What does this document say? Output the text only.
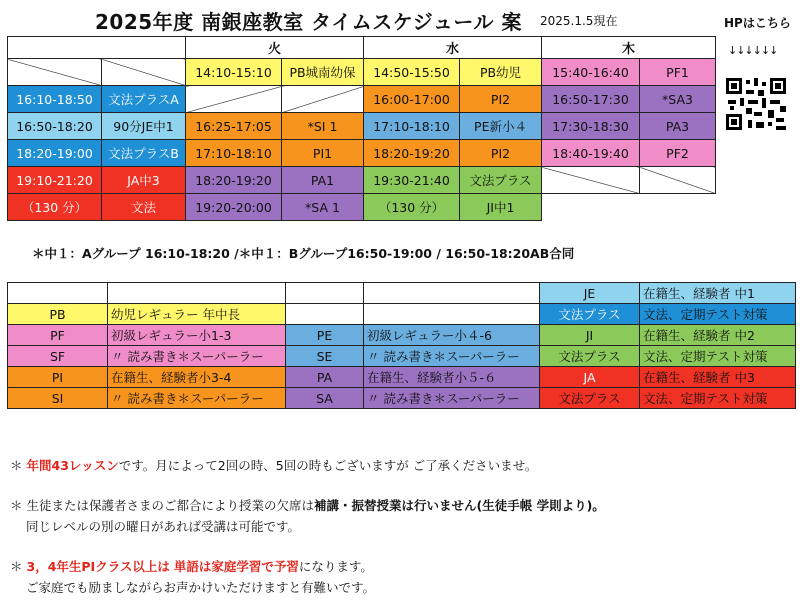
2025年度 南銀座教室 タイムスケジュール 案 2025.1.5現在	HPはこちら
↓↓↓↓↓↓
		火		水		木	
		14:10-15:10	PB城南幼保	14:50-15:50	PB幼児	15:40-16:40	PF1
16:10-18:50	文法プラスA			16:00-17:00	PI2	16:50-17:30	*SA3
16:50-18:20	90分JE中1	16:25-17:05	*SI 1	17:10-18:10	PE新小４	17:30-18:30	PA3
18:20-19:00	文法プラスB	17:10-18:10	PI1	18:20-19:20	PI2	18:40-19:40	PF2
19:10-21:20	JA中3	18:20-19:20	PA1	19:30-21:40	文法プラス		
（130 分）	文法	19:20-20:00	*SA 1	（130 分）	JI中1		
＊中１：Aグループ 16:10-18:20 /＊中１：Bグループ16:50-19:00 / 16:50-18:20AB合同
				JE	在籍生、経験者 中1
PB	幼児レギュラー 年中長			文法プラス	文法、定期テスト対策
PF	初級レギュラー小1-3	PE	初級レギュラー小４-6	JI	在籍生、経験者 中2
SF	〃 読み書き＊スーパーラー	SE	〃 読み書き＊スーパーラー	文法プラス	文法、定期テスト対策
PI	在籍生、経験者小3-4	PA	在籍生、経験者小５-６	JA	在籍生、経験者 中3
SI	〃 読み書き＊スーパーラー	SA	〃 読み書き＊スーパーラー	文法プラス	文法、定期テスト対策
＊ 年間43レッスンです。月によって2回の時、5回の時もございますが ご了承くださいませ。
＊ 生徒または保護者さまのご都合により授業の欠席は補講・振替授業は行いません(生徒手帳 学則より)。
同じレベルの別の曜日があれば受講は可能です。
＊ 3，4年生PIクラス以上は 単語は家庭学習で予習になります。
ご家庭でも励ましながらお声かけいただけますと有難いです。
